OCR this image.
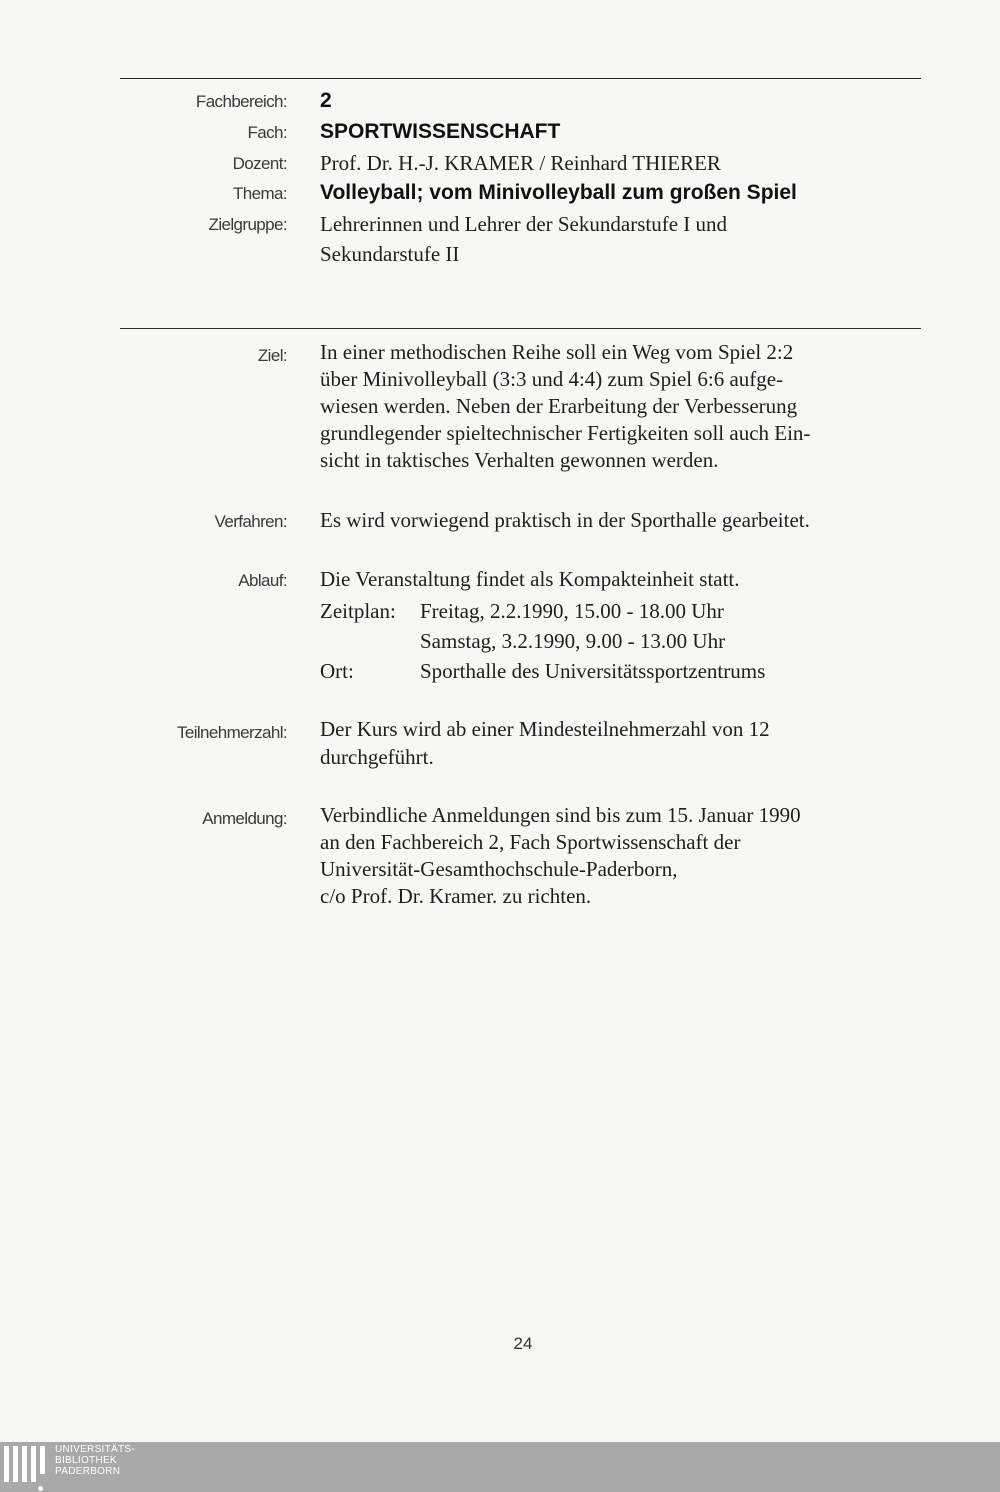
Fachbereich: 2
Fach: SPORTWISSENSCHAFT
Dozent: Prof. Dr. H.-J. KRAMER / Reinhard THIERER
Thema: Volleyball; vom Minivolleyball zum großen Spiel
Zielgruppe: Lehrerinnen und Lehrer der Sekundarstufe I und
Sekundarstufe II
Ziel: In einer methodischen Reihe soll ein Weg vom Spiel 2:2
über Minivolleyball (3:3 und 4:4) zum Spiel 6:6 aufge-
wiesen werden. Neben der Erarbeitung der Verbesserung
grundlegender spieltechnischer Fertigkeiten soll auch Ein-
sicht in taktisches Verhalten gewonnen werden.
Verfahren: Es wird vorwiegend praktisch in der Sporthalle gearbeitet.
Ablauf: Die Veranstaltung findet als Kompakteinheit statt.
Zeitplan: Freitag, 2.2.1990, 15.00 - 18.00 Uhr
Samstag, 3.2.1990, 9.00 - 13.00 Uhr
Ort:	Sporthalle des Universitätssportzentrums
Teilnehmerzahl: Der Kurs wird ab einer Mindesteilnehmerzahl von 12
durchgeführt.
Anmeldung: Verbindliche Anmeldungen sind bis zum 15. Januar 1990
an den Fachbereich 2, Fach Sportwissenschaft der
Universität-Gesamthochschule-Paderborn,
c/o Prof. Dr. Kramer. zu richten.
24
UNIVERSITÄTS-
BIBLIOTHEK
PADERBORN
